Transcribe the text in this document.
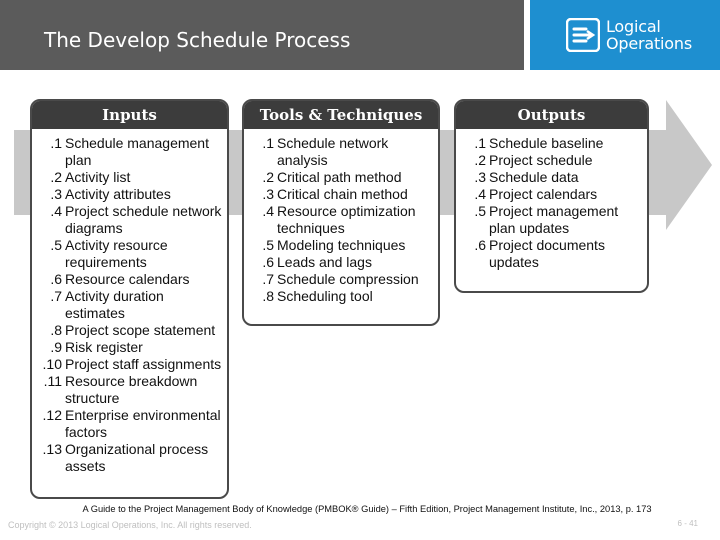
The Develop Schedule Process
Logical
Operations
Inputs
.1 Schedule management plan
.2 Activity list
.3 Activity attributes
.4 Project schedule network diagrams
.5 Activity resource requirements
.6 Resource calendars
.7 Activity duration estimates
.8 Project scope statement
.9 Risk register
.10 Project staff assignments
.11 Resource breakdown structure
.12 Enterprise environmental factors
.13 Organizational process assets
Tools & Techniques
.1 Schedule network analysis
.2 Critical path method
.3 Critical chain method
.4 Resource optimization techniques
.5 Modeling techniques
.6 Leads and lags
.7 Schedule compression
.8 Scheduling tool
Outputs
.1 Schedule baseline
.2 Project schedule
.3 Schedule data
.4 Project calendars
.5 Project management plan updates
.6 Project documents updates
A Guide to the Project Management Body of Knowledge (PMBOK® Guide) – Fifth Edition, Project Management Institute, Inc., 2013, p. 173
Copyright © 2013 Logical Operations, Inc. All rights reserved.	6 - 41
